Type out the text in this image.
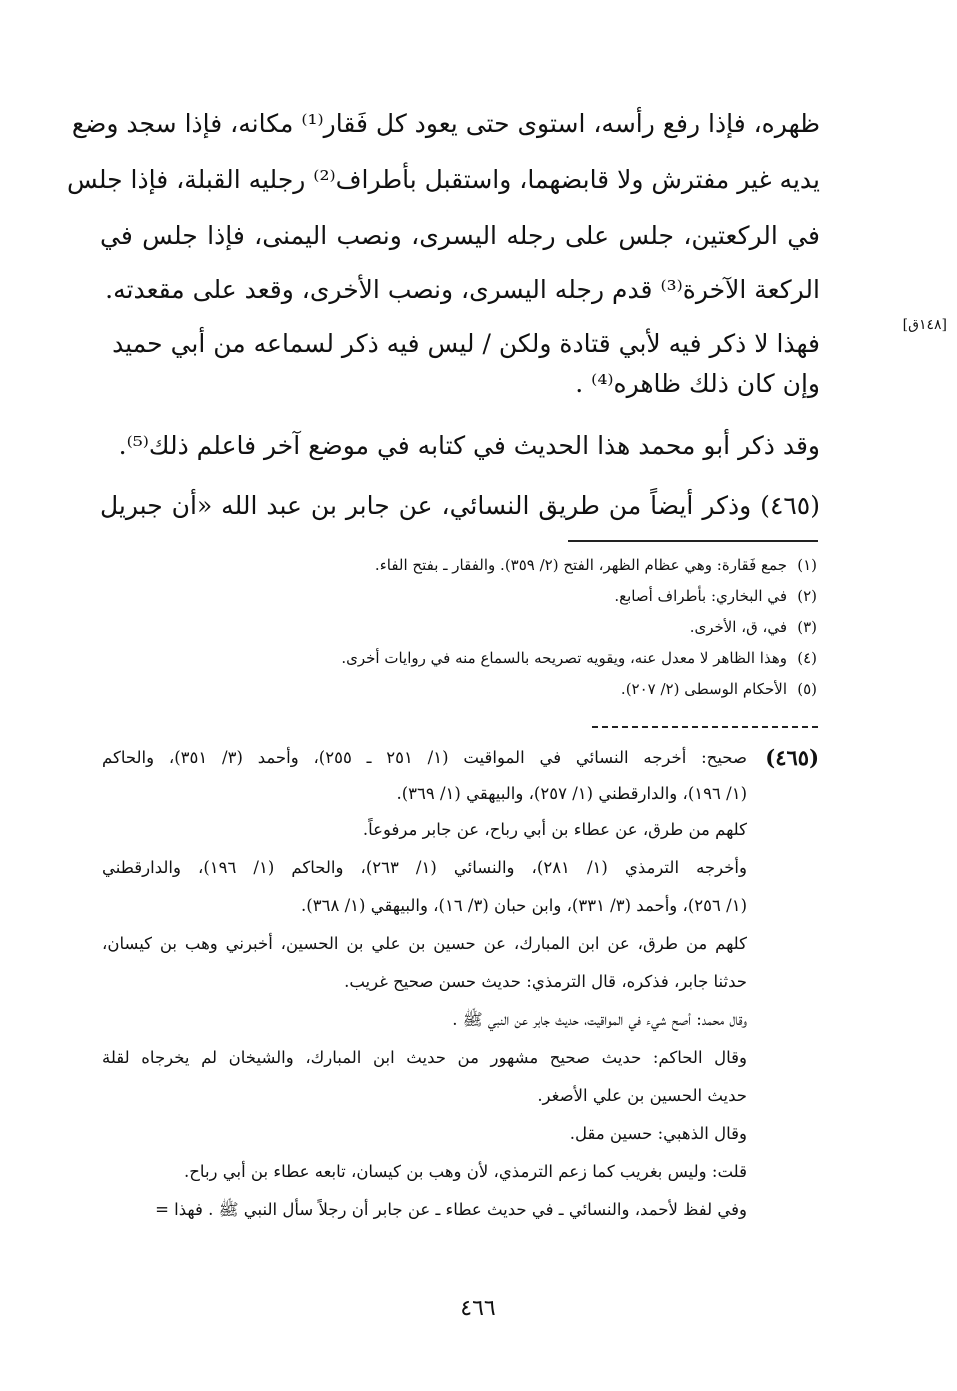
ظهره، فإذا رفع رأسه، استوى حتى يعود كل فَقار⁽¹⁾ مكانه، فإذا سجد وضع
يديه غير مفترش ولا قابضهما، واستقبل بأطراف⁽²⁾ رجليه القبلة، فإذا جلس
في الركعتين، جلس على رجله اليسرى، ونصب اليمنى، فإذا جلس في
الركعة الآخرة⁽³⁾ قدم رجله اليسرى، ونصب الأخرى، وقعد على مقعدته.
فهذا لا ذكر فيه لأبي قتادة ولكن / ليس فيه ذكر لسماعه من أبي حميد
وإن كان ذلك ظاهره⁽⁴⁾ .
وقد ذكر أبو محمد هذا الحديث في كتابه في موضع آخر فاعلم ذلك⁽⁵⁾.
(٤٦٥) وذكر أيضاً من طريق النسائي، عن جابر بن عبد الله «أن جبريل
[١٤٨ق]
(١)جمع فَقارة: وهي عظام الظهر، الفتح (٢/ ٣٥٩). والفقار ـ بفتح الفاء.
(٢)في البخاري: بأطراف أصابع.
(٣)في، ق، الأخرى.
(٤)وهذا الظاهر لا معدل عنه، ويقويه تصريحه بالسماع منه في روايات أخرى.
(٥)الأحكام الوسطى (٢/ ٢٠٧).
(٤٦٥)
صحيح: أخرجه النسائي في المواقيت (١/ ٢٥١ ـ ٢٥٥)، وأحمد (٣/ ٣٥١)، والحاكم
(١/ ١٩٦)، والدارقطني (١/ ٢٥٧)، والبيهقي (١/ ٣٦٩).
كلهم من طرق، عن عطاء بن أبي رباح، عن جابر مرفوعاً.
وأخرجه الترمذي (١/ ٢٨١)، والنسائي (١/ ٢٦٣)، والحاكم (١/ ١٩٦)، والدارقطني
(١/ ٢٥٦)، وأحمد (٣/ ٣٣١)، وابن حبان (٣/ ١٦)، والبيهقي (١/ ٣٦٨).
كلهم من طرق، عن ابن المبارك، عن حسين بن علي بن الحسين، أخبرني وهب بن كيسان،
حدثنا جابر، فذكره، قال الترمذي: حديث حسن صحيح غريب.
وقال محمد: أصح شيء في المواقيت، حديث جابر عن النبي ﷺ .
وقال الحاكم: حديث صحيح مشهور من حديث ابن المبارك، والشيخان لم يخرجاه لقلة
حديث الحسين بن علي الأصغر.
وقال الذهبي: حسين مقل.
قلت: وليس بغريب كما زعم الترمذي، لأن وهب بن كيسان، تابعه عطاء بن أبي رباح.
وفي لفظ لأحمد، والنسائي ـ في حديث عطاء ـ عن جابر أن رجلاً سأل النبي ﷺ . فهذا =
٤٦٦
